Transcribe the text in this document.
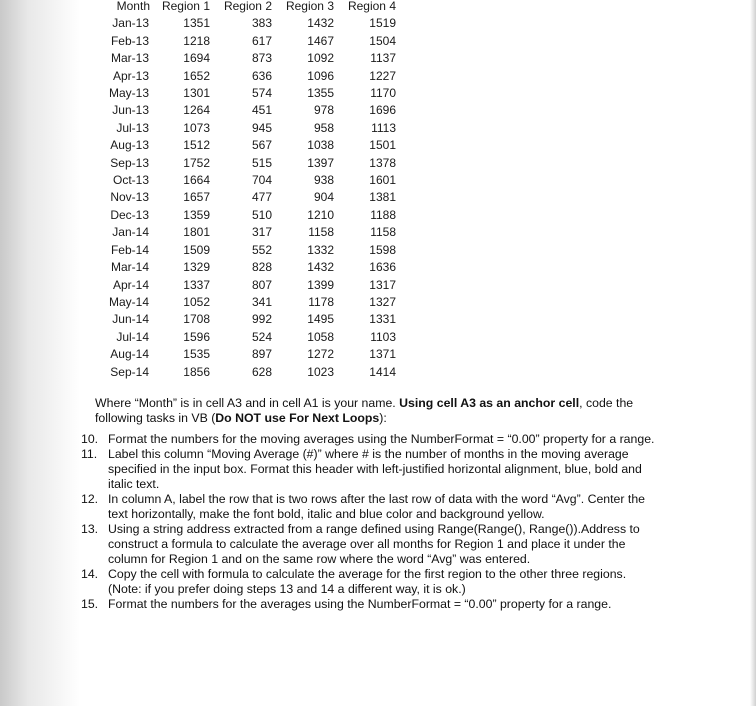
Month	Region 1	Region 2	Region 3	Region 4
Jan-13	1351	383	1432	1519
Feb-13	1218	617	1467	1504
Mar-13	1694	873	1092	1137
Apr-13	1652	636	1096	1227
May-13	1301	574	1355	1170
Jun-13	1264	451	978	1696
Jul-13	1073	945	958	1113
Aug-13	1512	567	1038	1501
Sep-13	1752	515	1397	1378
Oct-13	1664	704	938	1601
Nov-13	1657	477	904	1381
Dec-13	1359	510	1210	1188
Jan-14	1801	317	1158	1158
Feb-14	1509	552	1332	1598
Mar-14	1329	828	1432	1636
Apr-14	1337	807	1399	1317
May-14	1052	341	1178	1327
Jun-14	1708	992	1495	1331
Jul-14	1596	524	1058	1103
Aug-14	1535	897	1272	1371
Sep-14	1856	628	1023	1414

Where “Month” is in cell A3 and in cell A1 is your name. Using cell A3 as an anchor cell, code the following tasks in VB (Do NOT use For Next Loops):

10. Format the numbers for the moving averages using the NumberFormat = “0.00” property for a range.
11. Label this column “Moving Average (#)” where # is the number of months in the moving average specified in the input box. Format this header with left-justified horizontal alignment, blue, bold and italic text.
12. In column A, label the row that is two rows after the last row of data with the word “Avg”. Center the text horizontally, make the font bold, italic and blue color and background yellow.
13. Using a string address extracted from a range defined using Range(Range(), Range()).Address to construct a formula to calculate the average over all months for Region 1 and place it under the column for Region 1 and on the same row where the word “Avg” was entered.
14. Copy the cell with formula to calculate the average for the first region to the other three regions. (Note: if you prefer doing steps 13 and 14 a different way, it is ok.)
15. Format the numbers for the averages using the NumberFormat = “0.00” property for a range.
